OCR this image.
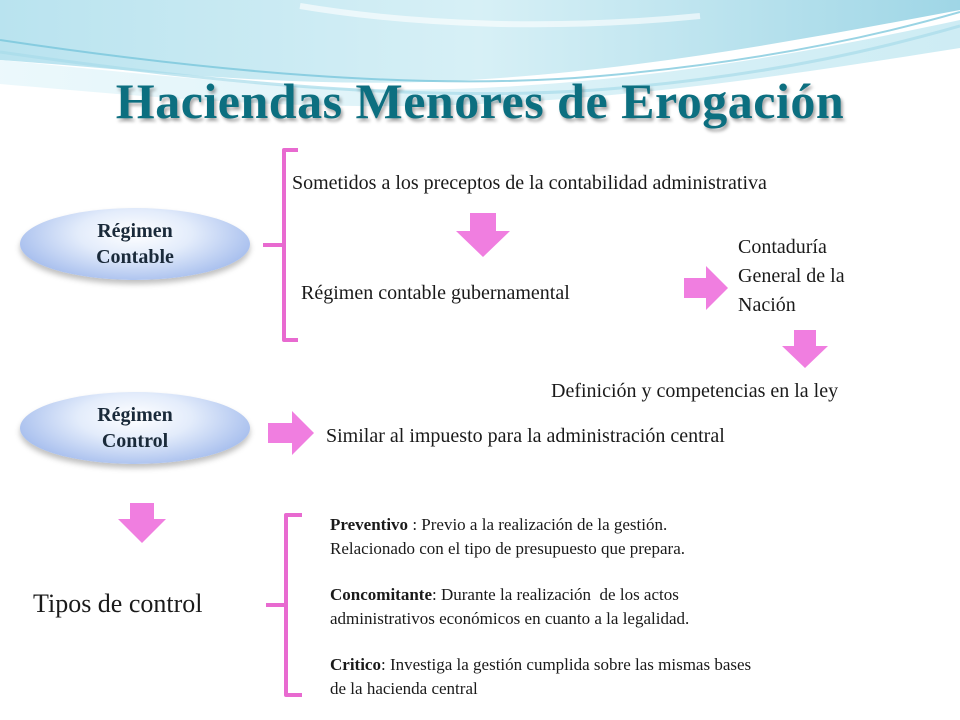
Haciendas Menores de Erogación
Régimen
Contable
Sometidos a los preceptos de la contabilidad administrativa
Régimen contable gubernamental
Contaduría
General de la
Nación
Definición y competencias en la ley
Régimen
Control	Similar al impuesto para la administración central
Tipos de control
Preventivo : Previo a la realización de la gestión.
Relacionado con el tipo de presupuesto que prepara.
Concomitante: Durante la realización  de los actos
administrativos económicos en cuanto a la legalidad.
Critico: Investiga la gestión cumplida sobre las mismas bases
de la hacienda central
